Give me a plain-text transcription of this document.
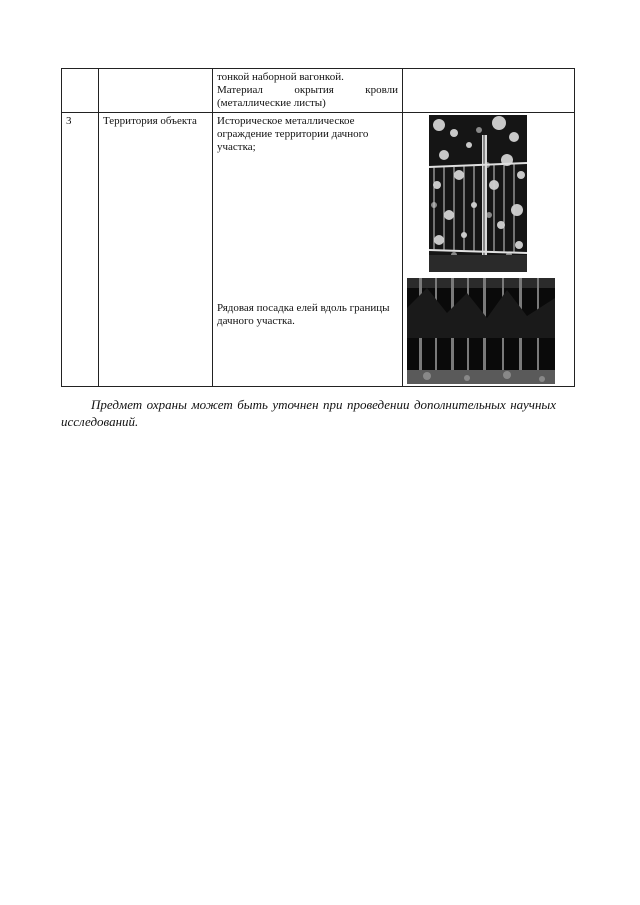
		тонкой наборной вагонкой.
Материал окрытия кровли
(металлические листы)	

3	Территория объекта	Историческое металлическое ограждение территории дачного участка;
Рядовая посадка елей вдоль границы дачного участка.

Предмет охраны может быть уточнен при проведении дополнительных научных исследований.
